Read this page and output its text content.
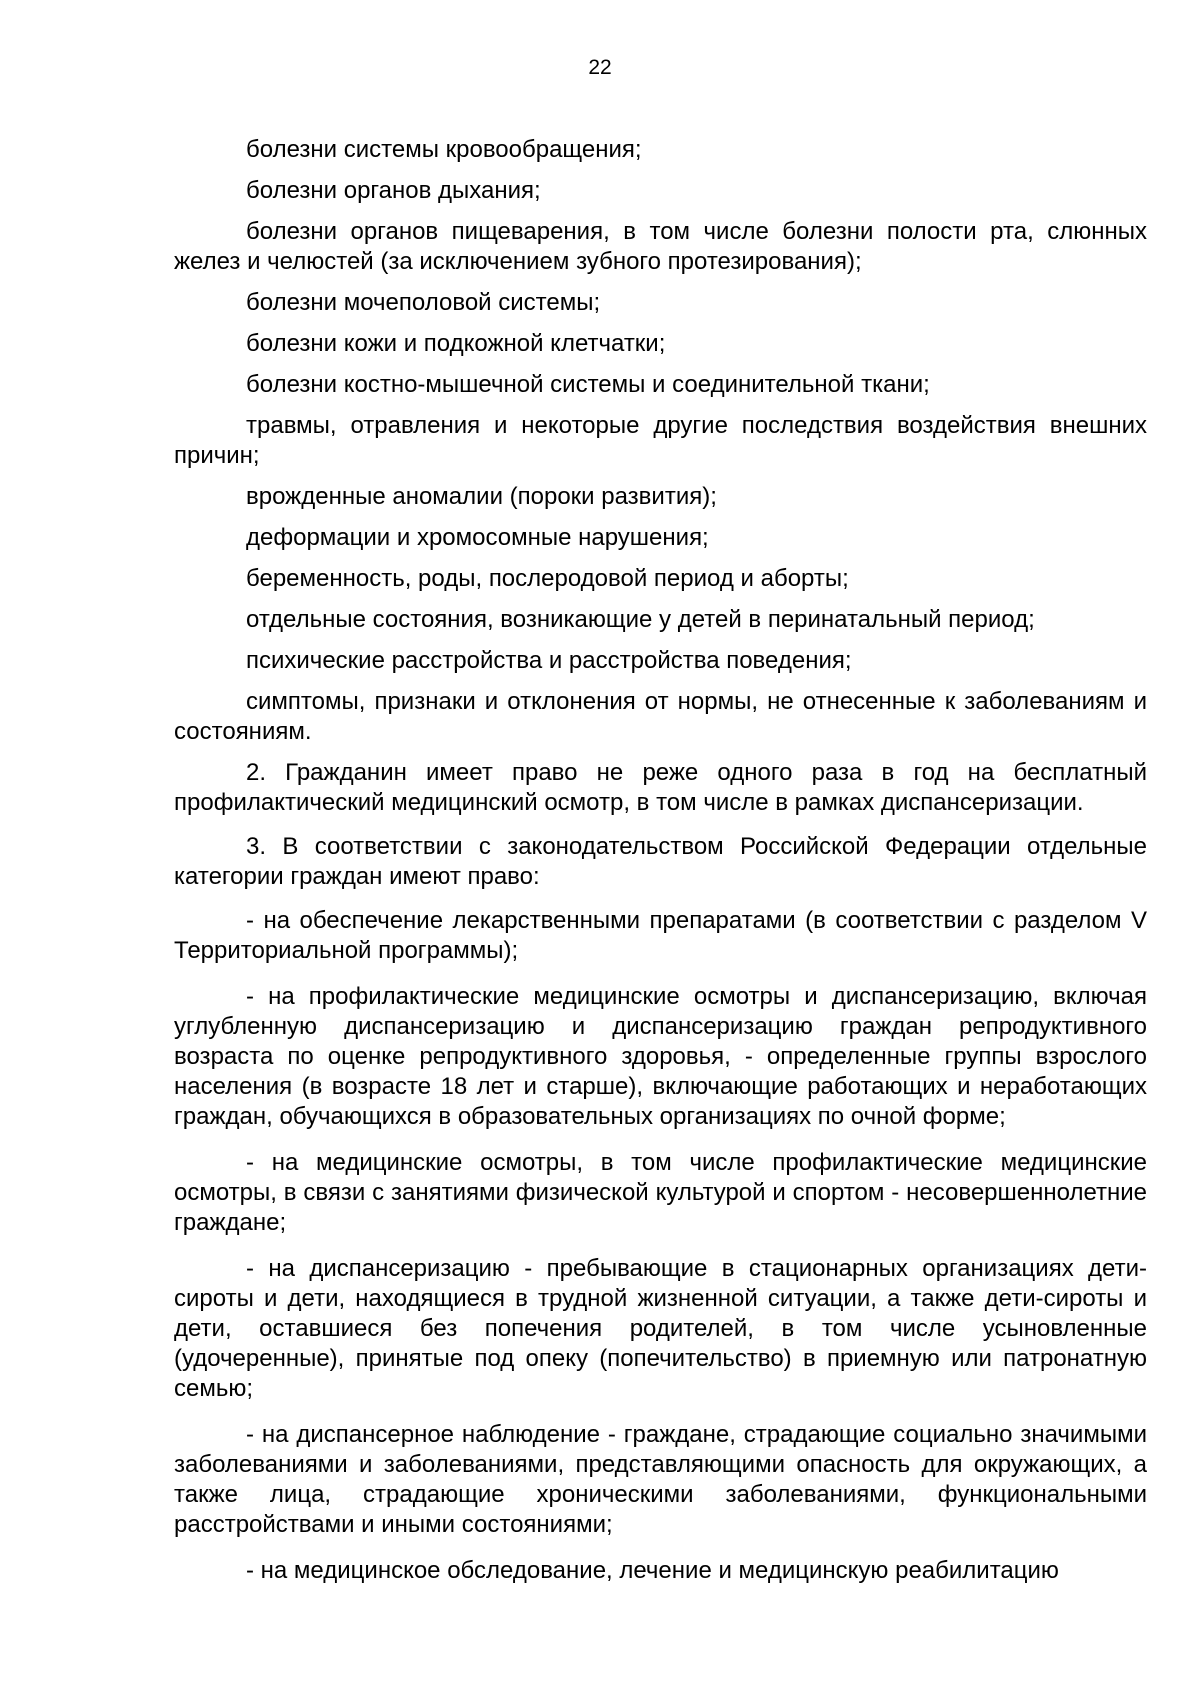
22

болезни системы кровообращения;

болезни органов дыхания;

болезни органов пищеварения, в том числе болезни полости рта, слюнных желез и челюстей (за исключением зубного протезирования);

болезни мочеполовой системы;

болезни кожи и подкожной клетчатки;

болезни костно-мышечной системы и соединительной ткани;

травмы, отравления и некоторые другие последствия воздействия внешних причин;

врожденные аномалии (пороки развития);

деформации и хромосомные нарушения;

беременность, роды, послеродовой период и аборты;

отдельные состояния, возникающие у детей в перинатальный период;

психические расстройства и расстройства поведения;

симптомы, признаки и отклонения от нормы, не отнесенные к заболеваниям и состояниям.

2. Гражданин имеет право не реже одного раза в год на бесплатный профилактический медицинский осмотр, в том числе в рамках диспансеризации.

3. В соответствии с законодательством Российской Федерации отдельные категории граждан имеют право:

- на обеспечение лекарственными препаратами (в соответствии с разделом V Территориальной программы);

- на профилактические медицинские осмотры и диспансеризацию, включая углубленную диспансеризацию и диспансеризацию граждан репродуктивного возраста по оценке репродуктивного здоровья, - определенные группы взрослого населения (в возрасте 18 лет и старше), включающие работающих и неработающих граждан, обучающихся в образовательных организациях по очной форме;

- на медицинские осмотры, в том числе профилактические медицинские осмотры, в связи с занятиями физической культурой и спортом - несовершеннолетние граждане;

- на диспансеризацию - пребывающие в стационарных организациях дети-сироты и дети, находящиеся в трудной жизненной ситуации, а также дети-сироты и дети, оставшиеся без попечения родителей, в том числе усыновленные (удочеренные), принятые под опеку (попечительство) в приемную или патронатную семью;

- на диспансерное наблюдение - граждане, страдающие социально значимыми заболеваниями и заболеваниями, представляющими опасность для окружающих, а также лица, страдающие хроническими заболеваниями, функциональными расстройствами и иными состояниями;

- на медицинское обследование, лечение и медицинскую реабилитацию
